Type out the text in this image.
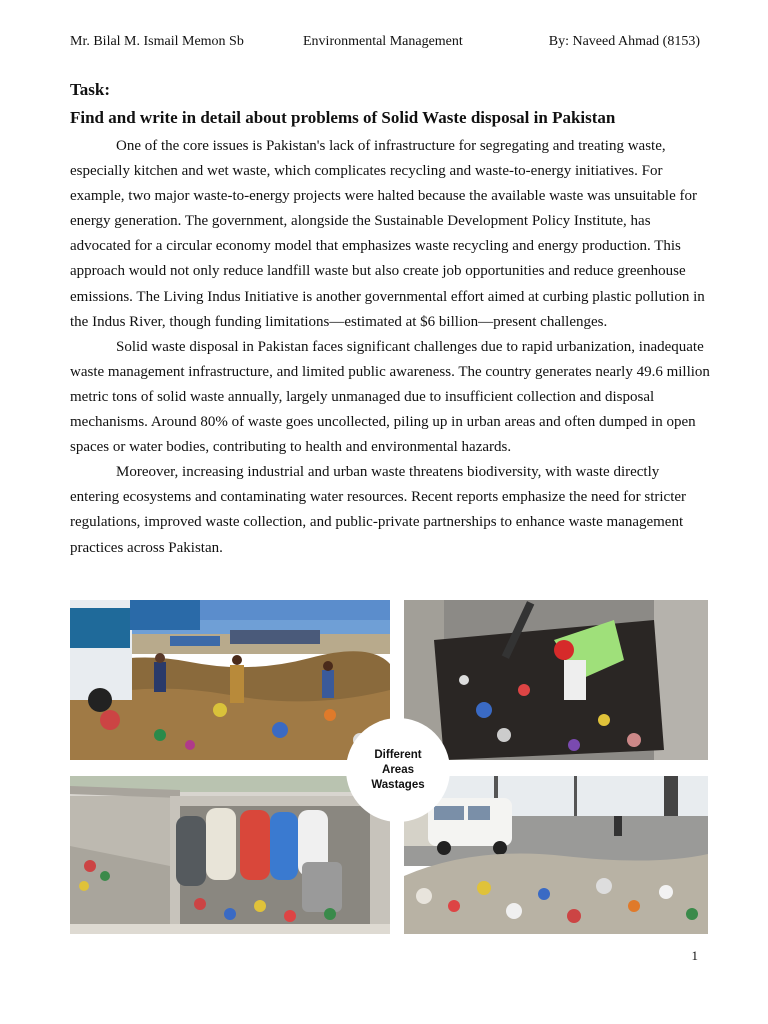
Mr. Bilal M. Ismail Memon Sb	Environmental Management	By: Naveed Ahmad (8153)
Task:
Find and write in detail about problems of Solid Waste disposal in Pakistan

One of the core issues is Pakistan's lack of infrastructure for segregating and treating waste, especially kitchen and wet waste, which complicates recycling and waste-to-energy initiatives. For example, two major waste-to-energy projects were halted because the available waste was unsuitable for energy generation. The government, alongside the Sustainable Development Policy Institute, has advocated for a circular economy model that emphasizes waste recycling and energy production. This approach would not only reduce landfill waste but also create job opportunities and reduce greenhouse emissions. The Living Indus Initiative is another governmental effort aimed at curbing plastic pollution in the Indus River, though funding limitations—estimated at $6 billion—present challenges.

Solid waste disposal in Pakistan faces significant challenges due to rapid urbanization, inadequate waste management infrastructure, and limited public awareness. The country generates nearly 49.6 million metric tons of solid waste annually, largely unmanaged due to insufficient collection and disposal mechanisms. Around 80% of waste goes uncollected, piling up in urban areas and often dumped in open spaces or water bodies, contributing to health and environmental hazards.

Moreover, increasing industrial and urban waste threatens biodiversity, with waste directly entering ecosystems and contaminating water resources. Recent reports emphasize the need for stricter regulations, improved waste collection, and public-private partnerships to enhance waste management practices across Pakistan.

Different
Areas
Wastages
1
